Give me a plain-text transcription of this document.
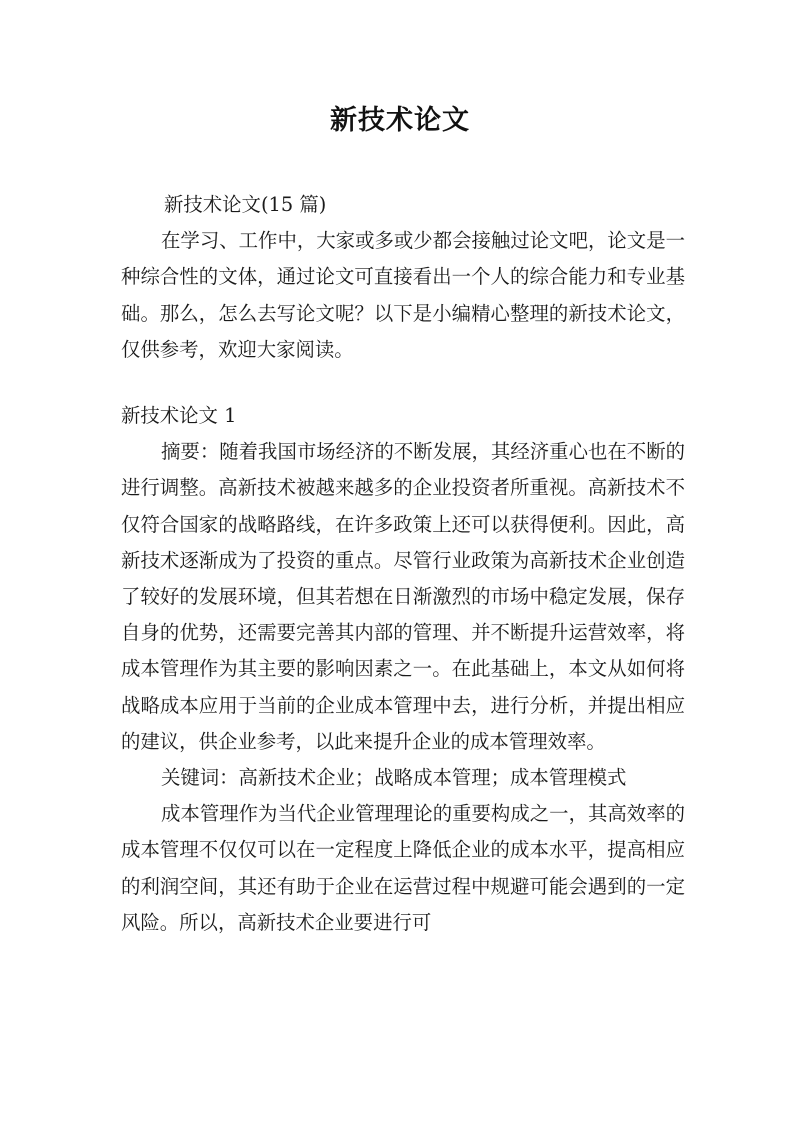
新技术论文

新技术论文(15 篇)

在学习、工作中，大家或多或少都会接触过论文吧，论文是一种综合性的文体，通过论文可直接看出一个人的综合能力和专业基础。那么，怎么去写论文呢？以下是小编精心整理的新技术论文，仅供参考，欢迎大家阅读。

新技术论文 1

摘要：随着我国市场经济的不断发展，其经济重心也在不断的进行调整。高新技术被越来越多的企业投资者所重视。高新技术不仅符合国家的战略路线，在许多政策上还可以获得便利。因此，高新技术逐渐成为了投资的重点。尽管行业政策为高新技术企业创造了较好的发展环境，但其若想在日渐激烈的市场中稳定发展，保存自身的优势，还需要完善其内部的管理、并不断提升运营效率，将成本管理作为其主要的影响因素之一。在此基础上，本文从如何将战略成本应用于当前的企业成本管理中去，进行分析，并提出相应的建议，供企业参考，以此来提升企业的成本管理效率。

关键词：高新技术企业；战略成本管理；成本管理模式

成本管理作为当代企业管理理论的重要构成之一，其高效率的成本管理不仅仅可以在一定程度上降低企业的成本水平，提高相应的利润空间，其还有助于企业在运营过程中规避可能会遇到的一定风险。所以，高新技术企业要进行可
